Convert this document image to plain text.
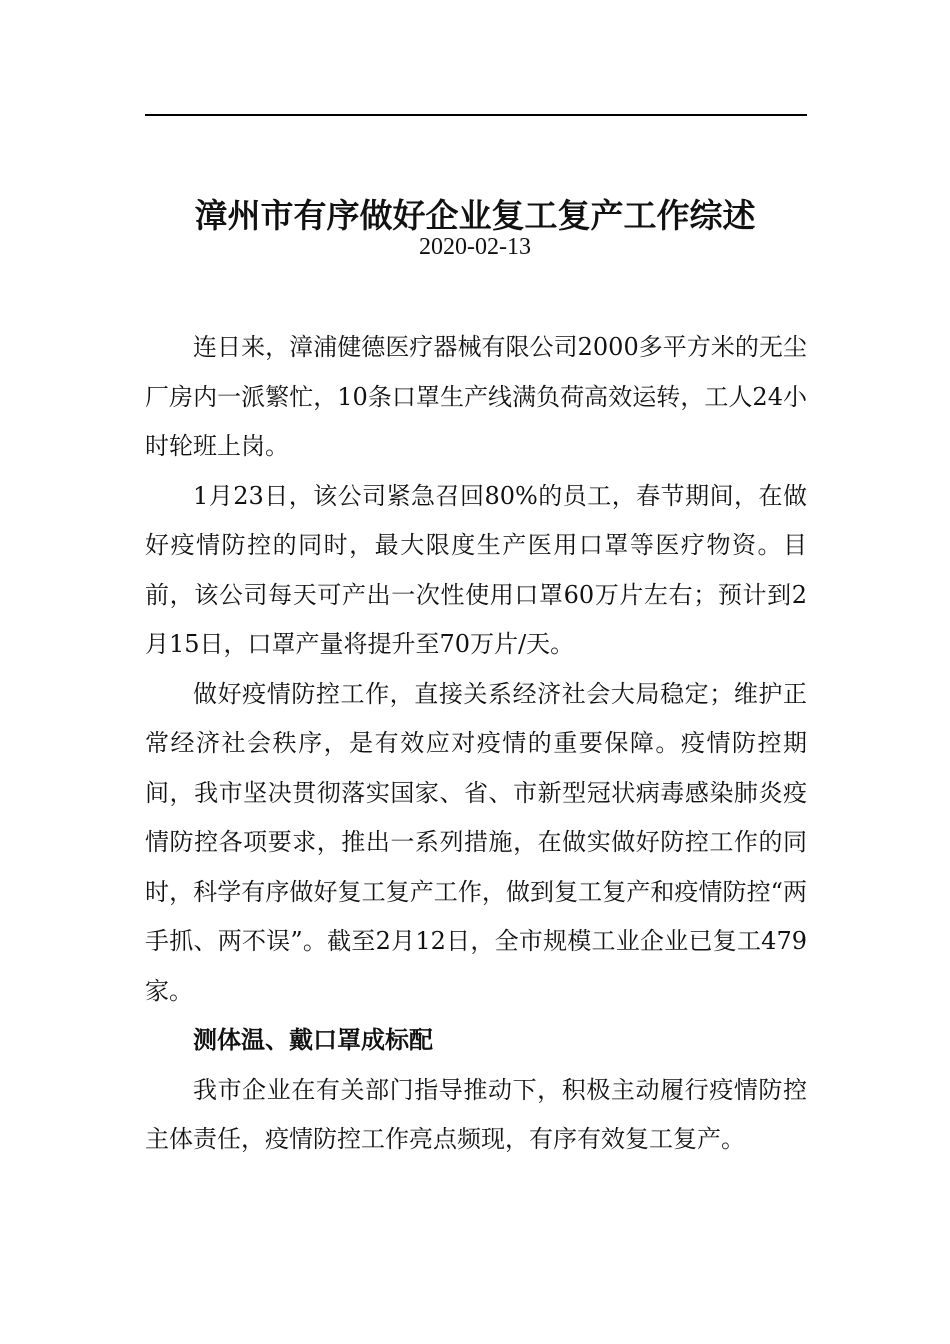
漳州市有序做好企业复工复产工作综述
2020-02-13

连日来，漳浦健德医疗器械有限公司2000多平方米的无尘厂房内一派繁忙，10条口罩生产线满负荷高效运转，工人24小时轮班上岗。

1月23日，该公司紧急召回80%的员工，春节期间，在做好疫情防控的同时，最大限度生产医用口罩等医疗物资。目前，该公司每天可产出一次性使用口罩60万片左右；预计到2月15日，口罩产量将提升至70万片/天。

做好疫情防控工作，直接关系经济社会大局稳定；维护正常经济社会秩序，是有效应对疫情的重要保障。疫情防控期间，我市坚决贯彻落实国家、省、市新型冠状病毒感染肺炎疫情防控各项要求，推出一系列措施，在做实做好防控工作的同时，科学有序做好复工复产工作，做到复工复产和疫情防控“两手抓、两不误”。截至2月12日，全市规模工业企业已复工479家。

测体温、戴口罩成标配

我市企业在有关部门指导推动下，积极主动履行疫情防控主体责任，疫情防控工作亮点频现，有序有效复工复产。
